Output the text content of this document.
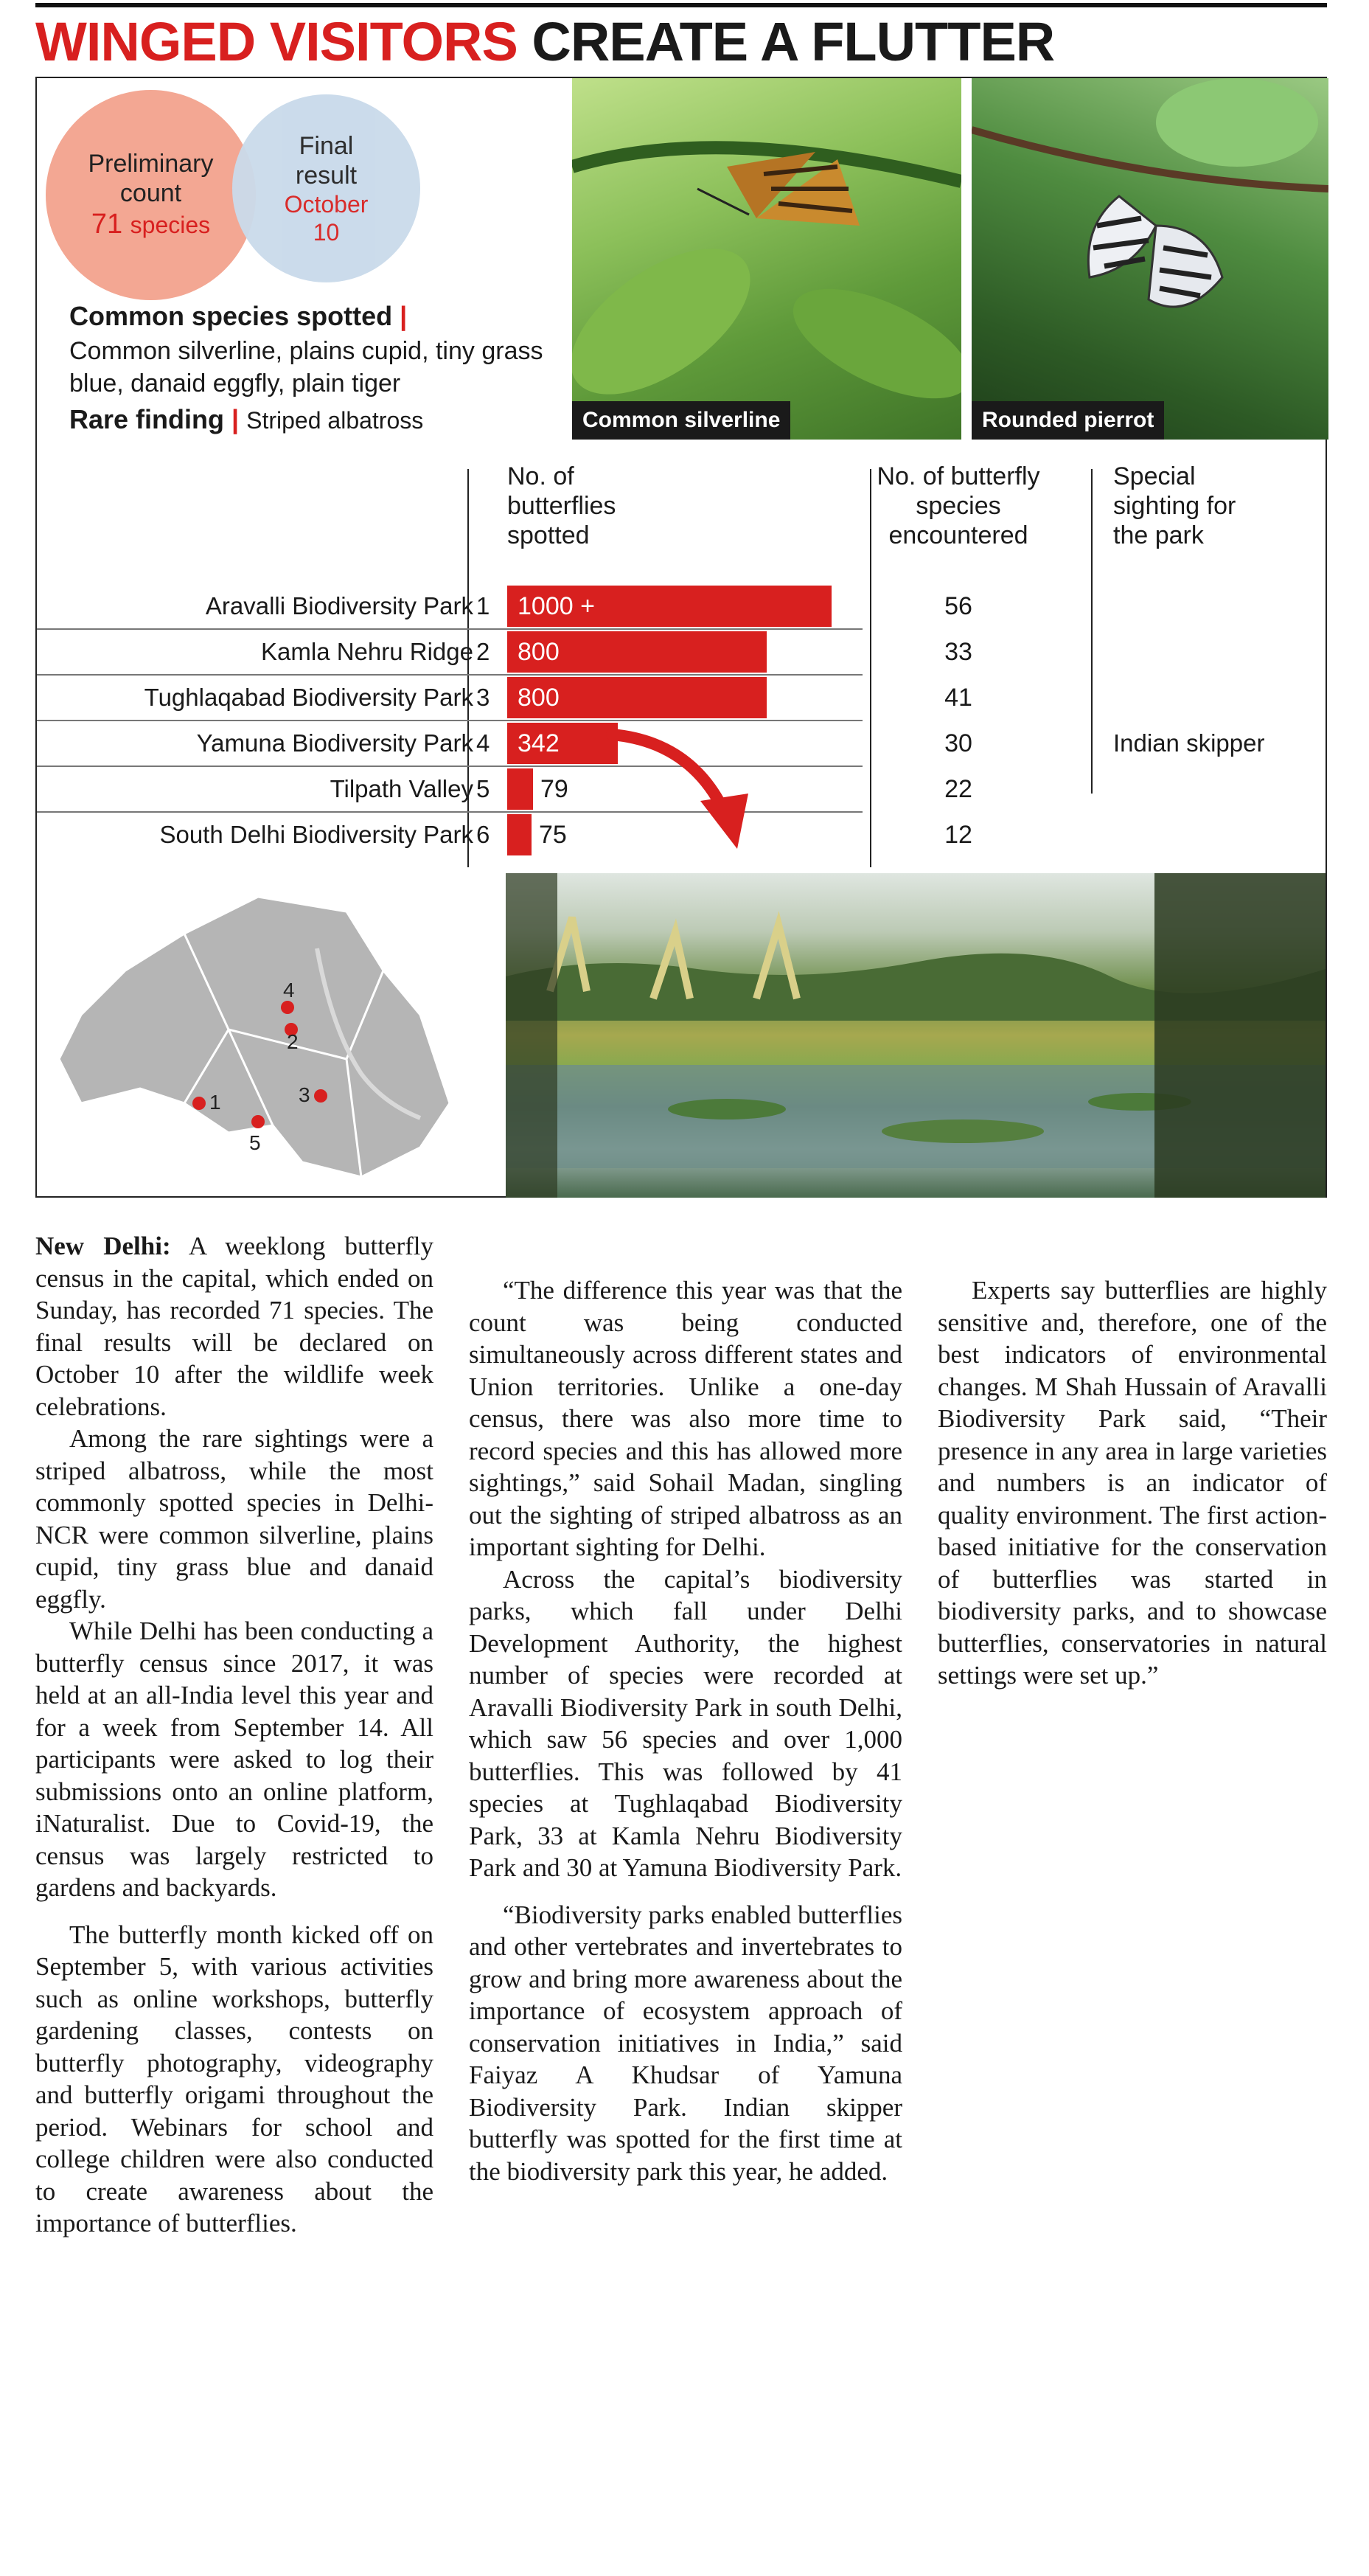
WINGED VISITORS CREATE A FLUTTER
Preliminary
count
71 species
Final
result
October
10
Common species spotted |
Common silverline, plains cupid, tiny grass blue, danaid eggfly, plain tiger
Rare finding | Striped albatross	Common silverline	Rounded pierrot
No. of
butterflies
spotted
No. of butterfly
species
encountered
Special
sighting for
the park
Aravalli Biodiversity Park 1 1000 +	56
Kamla Nehru Ridge 2 800	33
Tughlaqabad Biodiversity Park 3 800	41
Yamuna Biodiversity Park 4 342	30	Indian skipper
Tilpath Valley 5 79	22
South Delhi Biodiversity Park 6 75	12
4
2
1	3
5

New Delhi: A weeklong butterfly census in the capital, which ended on Sunday, has recorded 71 species. The final results will be declared on October 10 after the wildlife week celebrations.

Among the rare sightings were a striped albatross, while the most commonly spotted species in Delhi-NCR were common silverline, plains cupid, tiny grass blue and danaid eggfly.

While Delhi has been conducting a butterfly census since 2017, it was held at an all-India level this year and for a week from September 14. All participants were asked to log their submissions onto an online platform, iNaturalist. Due to Covid-19, the census was largely restricted to gardens and backyards.

The butterfly month kicked off on September 5, with various activities such as online workshops, butterfly gardening classes, contests on butterfly photography, videography and butterfly origami throughout the period. Webinars for school and college children were also conducted to create awareness about the importance of butterflies.

“The difference this year was that the count was being conducted simultaneously across different states and Union territories. Unlike a one-day census, there was also more time to record species and this has allowed more sightings,” said Sohail Madan, singling out the sighting of striped albatross as an important sighting for Delhi.

Across the capital’s biodiversity parks, which fall under Delhi Development Authority, the highest number of species were recorded at Aravalli Biodiversity Park in south Delhi, which saw 56 species and over 1,000 butterflies. This was followed by 41 species at Tughlaqabad Biodiversity Park, 33 at Kamla Nehru Biodiversity Park and 30 at Yamuna Biodiversity Park.

“Biodiversity parks enabled butterflies and other vertebrates and invertebrates to grow and bring more awareness about the importance of ecosystem approach of conservation initiatives in India,” said Faiyaz A Khudsar of Yamuna Biodiversity Park. Indian skipper butterfly was spotted for the first time at the biodiversity park this year, he added.

Experts say butterflies are highly sensitive and, therefore, one of the best indicators of environmental changes. M Shah Hussain of Aravalli Biodiversity Park said, “Their presence in any area in large varieties and numbers is an indicator of quality environment. The first action-based initiative for the conservation of butterflies was started in biodiversity parks, and to showcase butterflies, conservatories in natural settings were set up.”
